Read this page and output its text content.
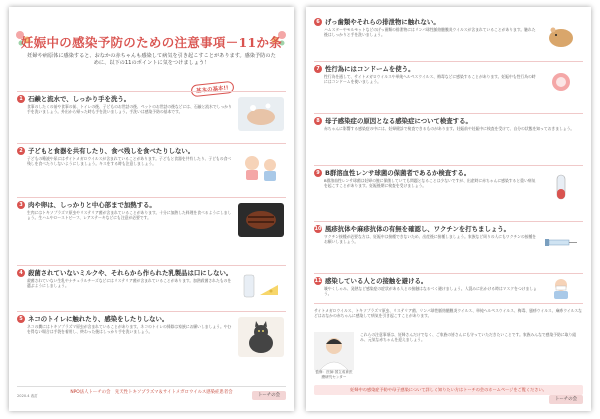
妊娠中の感染予防のための注意事項－11か条
妊婦や病原体に感染すると、おなかの赤ちゃんも感染して病気を引き起こすことがあります。感染予防のために、以下の11のポイントに気をつけましょう！
基本の基本!!
1 石鹸と流水で、しっかり手を洗う。
食事のしたくの前や食事の前、トイレの後、子どものお世話の後、ペットのお世話の後などには、石鹸と流水でしっかり手を洗いましょう。外出から帰った時も手を洗いましょう。手洗いは感染予防の基本です。
2 子どもと食器を共有したり、食べ残しを食べたりしない。
子どもの唾液や尿にはサイトメガロウイルスが含まれていることがあります。子どもと食器を共有したり、子どもの食べ残しを食べたりしないようにしましょう。キスをする時も注意しましょう。
3 肉や卵は、しっかりと中心部まで加熱する。
生肉にはトキソプラズマ原虫やリステリア菌が含まれていることがあります。十分に加熱した料理を食べるようにしましょう。生ハムやローストビーフ、レアステーキなどにも注意が必要です。
4 殺菌されていないミルクや、それらから作られた乳製品は口にしない。
殺菌されていない生乳やナチュラルチーズなどにはリステリア菌が含まれていることがあります。加熱殺菌されたものを選ぶようにしましょう。
5 ネコのトイレに触れたり、感染をしたりしない。
ネコの糞にはトキソプラズマ原虫が含まれていることがあります。ネコのトイレの掃除は家族にお願いしましょう。やむを得ない場合は手袋を着用し、終わった後はしっかり手を洗いましょう。
2020.4 改訂
NPO法人トーチの会　先天性トキソプラズマ＆サイトメガロウイルス感染症患者会
トーチの会
6 げっ歯類やそれらの排泄物に触れない。
ハムスターやモルモットなどのげっ歯類の排泄物にはリンパ球性脈絡髄膜炎ウイルスが含まれていることがあります。触れた後はしっかりと手を洗いましょう。
7 性行為にはコンドームを使う。
性行為を通して、サイトメガロウイルスや単純ヘルペスウイルス、梅毒などに感染することがあります。妊娠中も性行為の時にはコンドームを使いましょう。
8 母子感染症の原因となる感染症について検査する。
赤ちゃんに影響する感染症の中には、妊婦健診で検査できるものがあります。妊娠前や妊娠中に検査を受けて、自分の状態を知っておきましょう。
9 B群溶血性レンサ球菌の保菌者であるか検査する。
B群溶血性レンサ球菌は妊婦の腟に保菌していても問題となることは少ないですが、出産時に赤ちゃんに感染すると重い病気を起こすことがあります。妊娠後期に検査を受けましょう。
10 風疹抗体や麻疹抗体の有無を確認し、ワクチンを打ちましょう。
ワクチン接種が必要な方は、妊娠中は接種できないため、出産後に接種しましょう。家族など周りの人にもワクチンの接種をお願いしましょう。
11 感染している人との接触を避ける。
咳やくしゃみ、発熱など感染症の症状がある人との接触はなるべく避けましょう。人混みに出かける時はマスクをつけましょう。
サイトメガロウイルス、トキソプラズマ原虫、リステリア菌、リンパ球性脈絡髄膜炎ウイルス、単純ヘルペスウイルス、梅毒、風疹ウイルス、麻疹ウイルスなどはおなかの赤ちゃんに感染して病気を引き起こすことがあります。
監修：医師 国立成育医療研究センター
これらの注意事項は、妊婦さんだけでなく、ご家族の皆さんにも守っていただきたいことです。家族みんなで感染予防に取り組み、元気な赤ちゃんを迎えましょう。
妊婦中の感染症予防や母子感染について詳しく知りたい方はトーチの会のホームページをご覧ください。
トーチの会
